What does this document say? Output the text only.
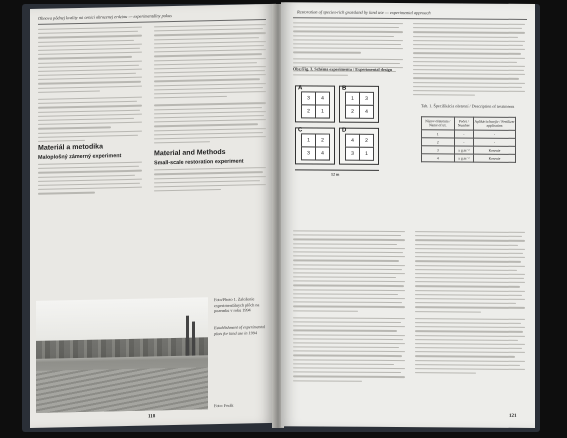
Obnova pôdnej kvality na ornici ohrozenej eróziou — experimentálny pokus
Materiál a metodika
Maloplošný zámerný experiment	Material and Methods
Small-scale restoration experiment
Foto/Photo 1. Založenie experimentálnych plôch na pozemku v roku 1994
Establishment of experimental plots for land use in 1994
Foto: Ferák
118
Restoration of species-rich grassland by land use — experimental approach
Obr./Fig. 3. Schéma experimentu / Experimental design
A
3	4
2	1
B
1	3
2	4
C
1	2
3	4
D
4	2
3	1
12 m
Tab. 1. Špecifikácia ošetrení / Description of treatments
Názov ošetrenia / Name of trt.	Počet / Number	Aplikácia hnojív / Fertilizer application
1	-	-
2	-	-
3	x g.m⁻²	Kosenie
4	x g.m⁻²	Kosenie
121
